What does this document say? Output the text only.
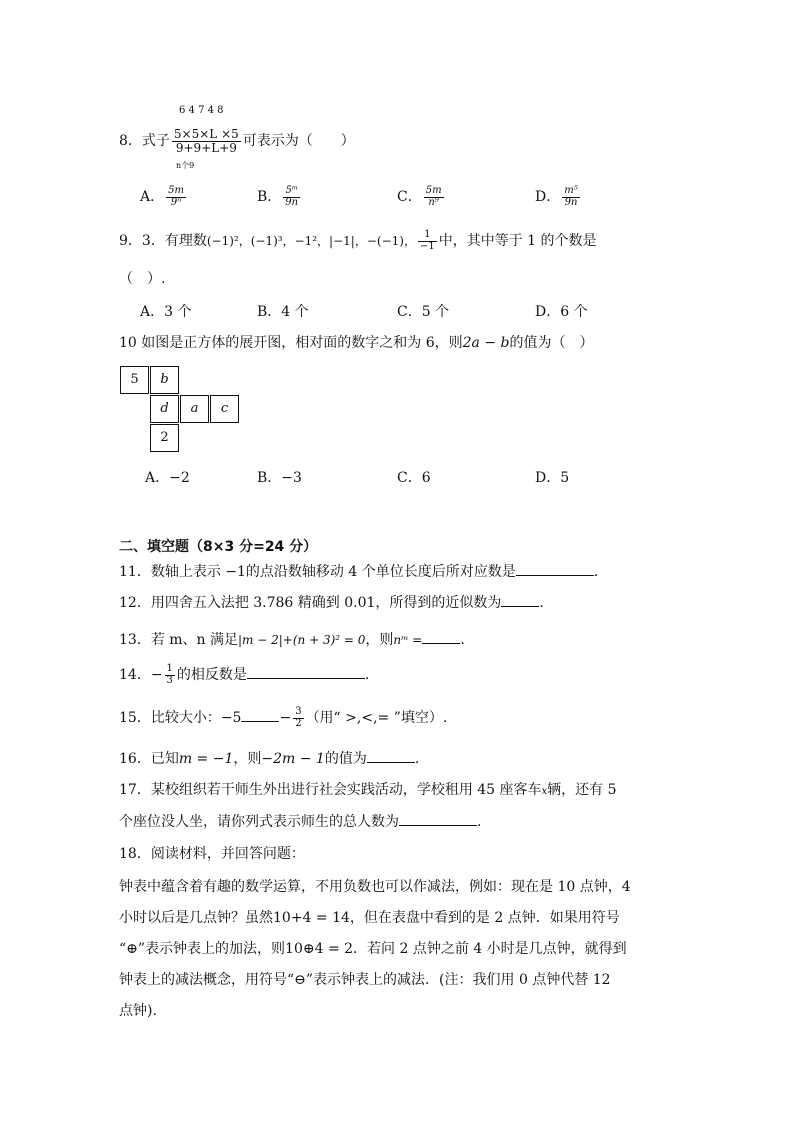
6 4 7 4 8
8．式子 $\frac{5\times 5\times L \times 5}{9+9+L+9}$ 可表示为（　　）
n个9
A． $\frac{5m}{\text{9ⁿ}}$	B． $\frac{\text{5ᵐ}}{9n}$	C． $\frac{5m}{\text{n⁹}}$	D． $\frac{\text{m⁵}}{9n}$
9．3．有理数(−1)²，(−1)³，−1²，|−1|，−(−1)， $\frac{1}{-1}$ 中，其中等于 1 的个数是
（　）.
A．3 个	B．4 个	C．5 个	D．6 个
10 如图是正方体的展开图，相对面的数字之和为 6，则2a − b的值为（　）
5	b
d	a	c
2
A．−2	B．−3	C．6	D．5
二、填空题（8×3 分=24 分）
11．数轴上表示 −1的点沿数轴移动 4 个单位长度后所对应数是	.
12．用四舍五入法把 3.786 精确到 0.01，所得到的近似数为	.
13．若 m、n 满足|m − 2|+(n + 3)² = 0，则nᵐ =	.
14．− $\frac{1}{3}$ 的相反数是	.
15．比较大小：−5	− $\frac{3}{2}$ （用“ >,<,= ”填空）.
16．已知m = −1，则−2m − 1的值为	.
17．某校组织若干师生外出进行社会实践活动，学校租用 45 座客车x辆，还有 5
个座位没人坐，请你列式表示师生的总人数为	.
18．阅读材料，并回答问题：
钟表中蕴含着有趣的数学运算，不用负数也可以作减法，例如：现在是 10 点钟，4
小时以后是几点钟？虽然10+4 = 14，但在表盘中看到的是 2 点钟．如果用符号
“⊕”表示钟表上的加法，则10⊕4 = 2．若问 2 点钟之前 4 小时是几点钟，就得到
钟表上的减法概念，用符号“⊖”表示钟表上的减法．(注：我们用 0 点钟代替 12
点钟).
